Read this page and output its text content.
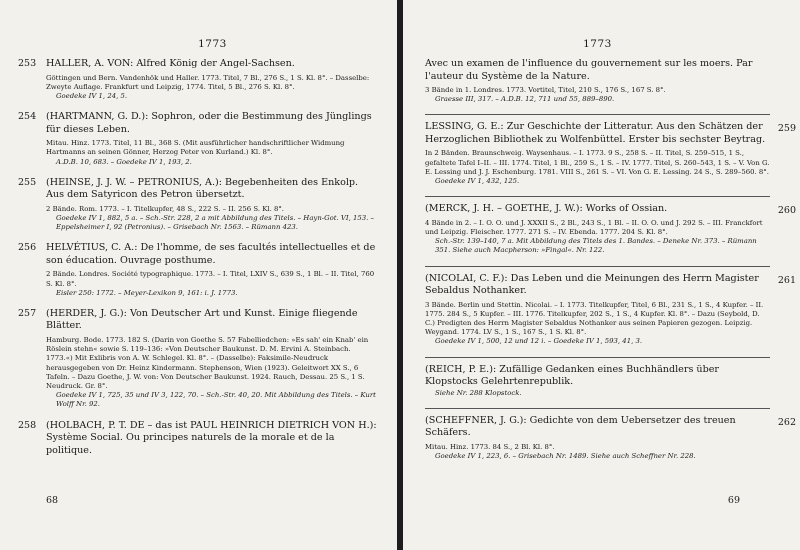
1773
253 HALLER, A. VON: Alfred König der Angel-Sachsen.
Göttingen und Bern. Vandenhök und Haller. 1773. Titel, 7 Bl., 276 S., 1 S. Kl. 8°. – Dasselbe: Zweyte Auflage. Frankfurt und Leipzig, 1774. Titel, 5 Bl., 276 S. Kl. 8°.
Goedeke IV 1, 24, 5.
254 (HARTMANN, G. D.): Sophron, oder die Bestimmung des Jünglings für dieses Leben.
Mitau. Hinz. 1773. Titel, 11 Bl., 368 S. (Mit ausführlicher handschriftlicher Widmung Hartmanns an seinen Gönner, Herzog Peter von Kurland.) Kl. 8°.
A.D.B. 10, 683. – Goedeke IV 1, 193, 2.
255 (HEINSE, J. J. W. – PETRONIUS, A.): Begebenheiten des Enkolp. Aus dem Satyricon des Petron übersetzt.
2 Bände. Rom. 1773. – I. Titelkupfer, 48 S., 222 S. – II. 256 S. Kl. 8°.
Goedeke IV 1, 882, 5 a. – Sch.-Str. 228, 2 a mit Abbildung des Titels. – Hayn-Got. VI, 153. – Eppelsheimer I, 92 (Petronius). – Grisebach Nr. 1563. – Rümann 423.
256 HELVÉTIUS, C. A.: De l'homme, de ses facultés intellectuelles et de son éducation. Ouvrage posthume.
2 Bände. Londres. Société typographique. 1773. – I. Titel, LXIV S., 639 S., 1 Bl. – II. Titel, 760 S. Kl. 8°.
Eisler 250: 1772. – Meyer-Lexikon 9, 161: i. J. 1773.
257 (HERDER, J. G.): Von Deutscher Art und Kunst. Einige fliegende Blätter.
Hamburg. Bode. 1773. 182 S. (Darin von Goethe S. 57 Fabelliedchen: »Es sah' ein Knab' ein Röslein stehn« sowie S. 119–136: »Von Deutscher Baukunst. D. M. Ervini A. Steinbach. 1773.«) Mit Exlibris von A. W. Schlegel. Kl. 8°. – (Dasselbe): Faksimile-Neudruck herausgegeben von Dr. Heinz Kindermann. Stephenson, Wien (1923). Geleitwort XX S., 6 Tafeln. – Dazu Goethe, J. W. von: Von Deutscher Baukunst. 1924. Rauch, Dessau. 25 S., 1 S. Neudruck. Gr. 8°.
Goedeke IV 1, 725, 35 und IV 3, 122, 70. – Sch.-Str. 40, 20. Mit Abbildung des Titels. – Kurt Wolff Nr. 92.
258 (HOLBACH, P. T. DE – das ist PAUL HEINRICH DIETRICH VON H.): Système Social. Ou principes naturels de la morale et de la politique.
68
1773
Avec un examen de l'influence du gouvernement sur les moers. Par l'auteur du Système de la Nature.
3 Bände in 1. Londres. 1773. Vortitel, Titel, 210 S., 176 S., 167 S. 8°.
Graesse III, 317. – A.D.B. 12, 711 und 55, 889–890.
259
LESSING, G. E.: Zur Geschichte der Litteratur. Aus den Schätzen der Herzoglichen Bibliothek zu Wolfenbüttel. Erster bis sechster Beytrag.
In 2 Bänden. Braunschweig. Waysenhaus. – I. 1773. 9 S., 258 S. – II. Titel, S. 259–515, 1 S., gefaltete Tafel I–II. – III. 1774. Titel, 1 Bl., 259 S., 1 S. – IV. 1777. Titel, S. 260–543, 1 S. – V. Von G. E. Lessing und J. J. Eschenburg. 1781. VIII S., 261 S. – VI. Von G. E. Lessing. 24 S., S. 289–560. 8°.
Goedeke IV 1, 432, 125.
260
(MERCK, J. H. – GOETHE, J. W.): Works of Ossian.
4 Bände in 2. – I. O. O. und J. XXXII S., 2 Bl., 243 S., 1 Bl. – II. O. O. und J. 292 S. – III. Franckfort und Leipzig. Fleischer. 1777. 271 S. – IV. Ebenda. 1777. 204 S. Kl. 8°.
Sch.-Str. 139–140, 7 a. Mit Abbildung des Titels des 1. Bandes. – Deneke Nr. 373. – Rümann 351. Siehe auch Macpherson: »Fingal«. Nr. 122.
261
(NICOLAI, C. F.): Das Leben und die Meinungen des Herrn Magister Sebaldus Nothanker.
3 Bände. Berlin und Stettin. Nicolai. – I. 1773. Titelkupfer, Titel, 6 Bl., 231 S., 1 S., 4 Kupfer. – II. 1775. 284 S., 5 Kupfer. – III. 1776. Titelkupfer, 202 S., 1 S., 4 Kupfer. Kl. 8°. – Dazu (Seybold, D. C.) Predigten des Herrn Magister Sebaldus Nothanker aus seinen Papieren gezogen. Leipzig. Weygand. 1774. LV S., 1 S., 167 S., 1 S. Kl. 8°.
Goedeke IV 1, 500, 12 und 12 i. – Goedeke IV 1, 593, 41, 3.
(REICH, P. E.): Zufällige Gedanken eines Buchhändlers über Klopstocks Gelehrtenrepublik.
Siehe Nr. 288 Klopstock.
262
(SCHEFFNER, J. G.): Gedichte von dem Uebersetzer des treuen Schäfers.
Mitau. Hinz. 1773. 84 S., 2 Bl. Kl. 8°.
Goedeke IV 1, 223, 6. – Grisebach Nr. 1489. Siehe auch Scheffner Nr. 228.
69
